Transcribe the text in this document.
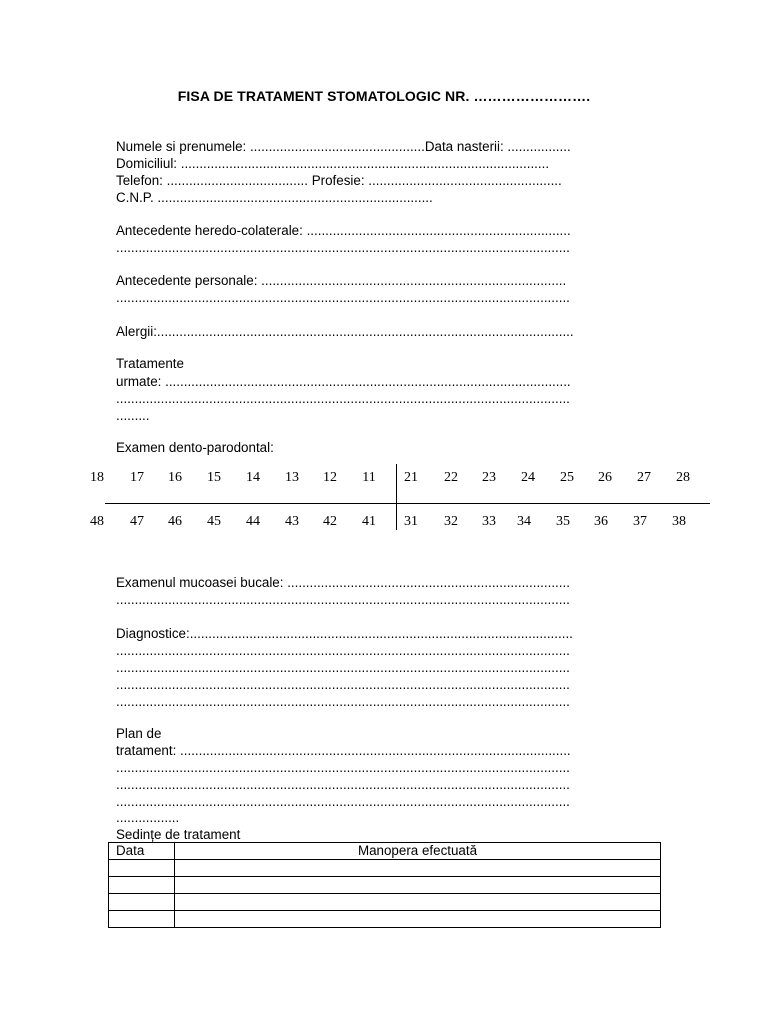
FISA DE TRATAMENT STOMATOLOGIC NR. …………………….
Numele si prenumele: ...............................................Data nasterii: .................
Domiciliul: ...................................................................................................
Telefon: ...................................... Profesie: ....................................................
C.N.P. ..........................................................................
Antecedente heredo-colaterale: .......................................................................
..........................................................................................................................
Antecedente personale: ..................................................................................
..........................................................................................................................
Alergii:................................................................................................................
Tratamente
urmate: .............................................................................................................
..........................................................................................................................
.........
Examen dento-parodontal:
18 17 16 15 14 13 12 11 21 22 23 24 25 26 27 28
48 47 46 45 44 43 42 41 31 32 33 34 35 36 37 38
Examenul mucoasei bucale: ............................................................................
..........................................................................................................................
Diagnostice:.......................................................................................................
..........................................................................................................................
..........................................................................................................................
..........................................................................................................................
..........................................................................................................................
Plan de
tratament: .........................................................................................................
..........................................................................................................................
..........................................................................................................................
..........................................................................................................................
.................
Sedințe de tratament
Data	Manopera efectuată
